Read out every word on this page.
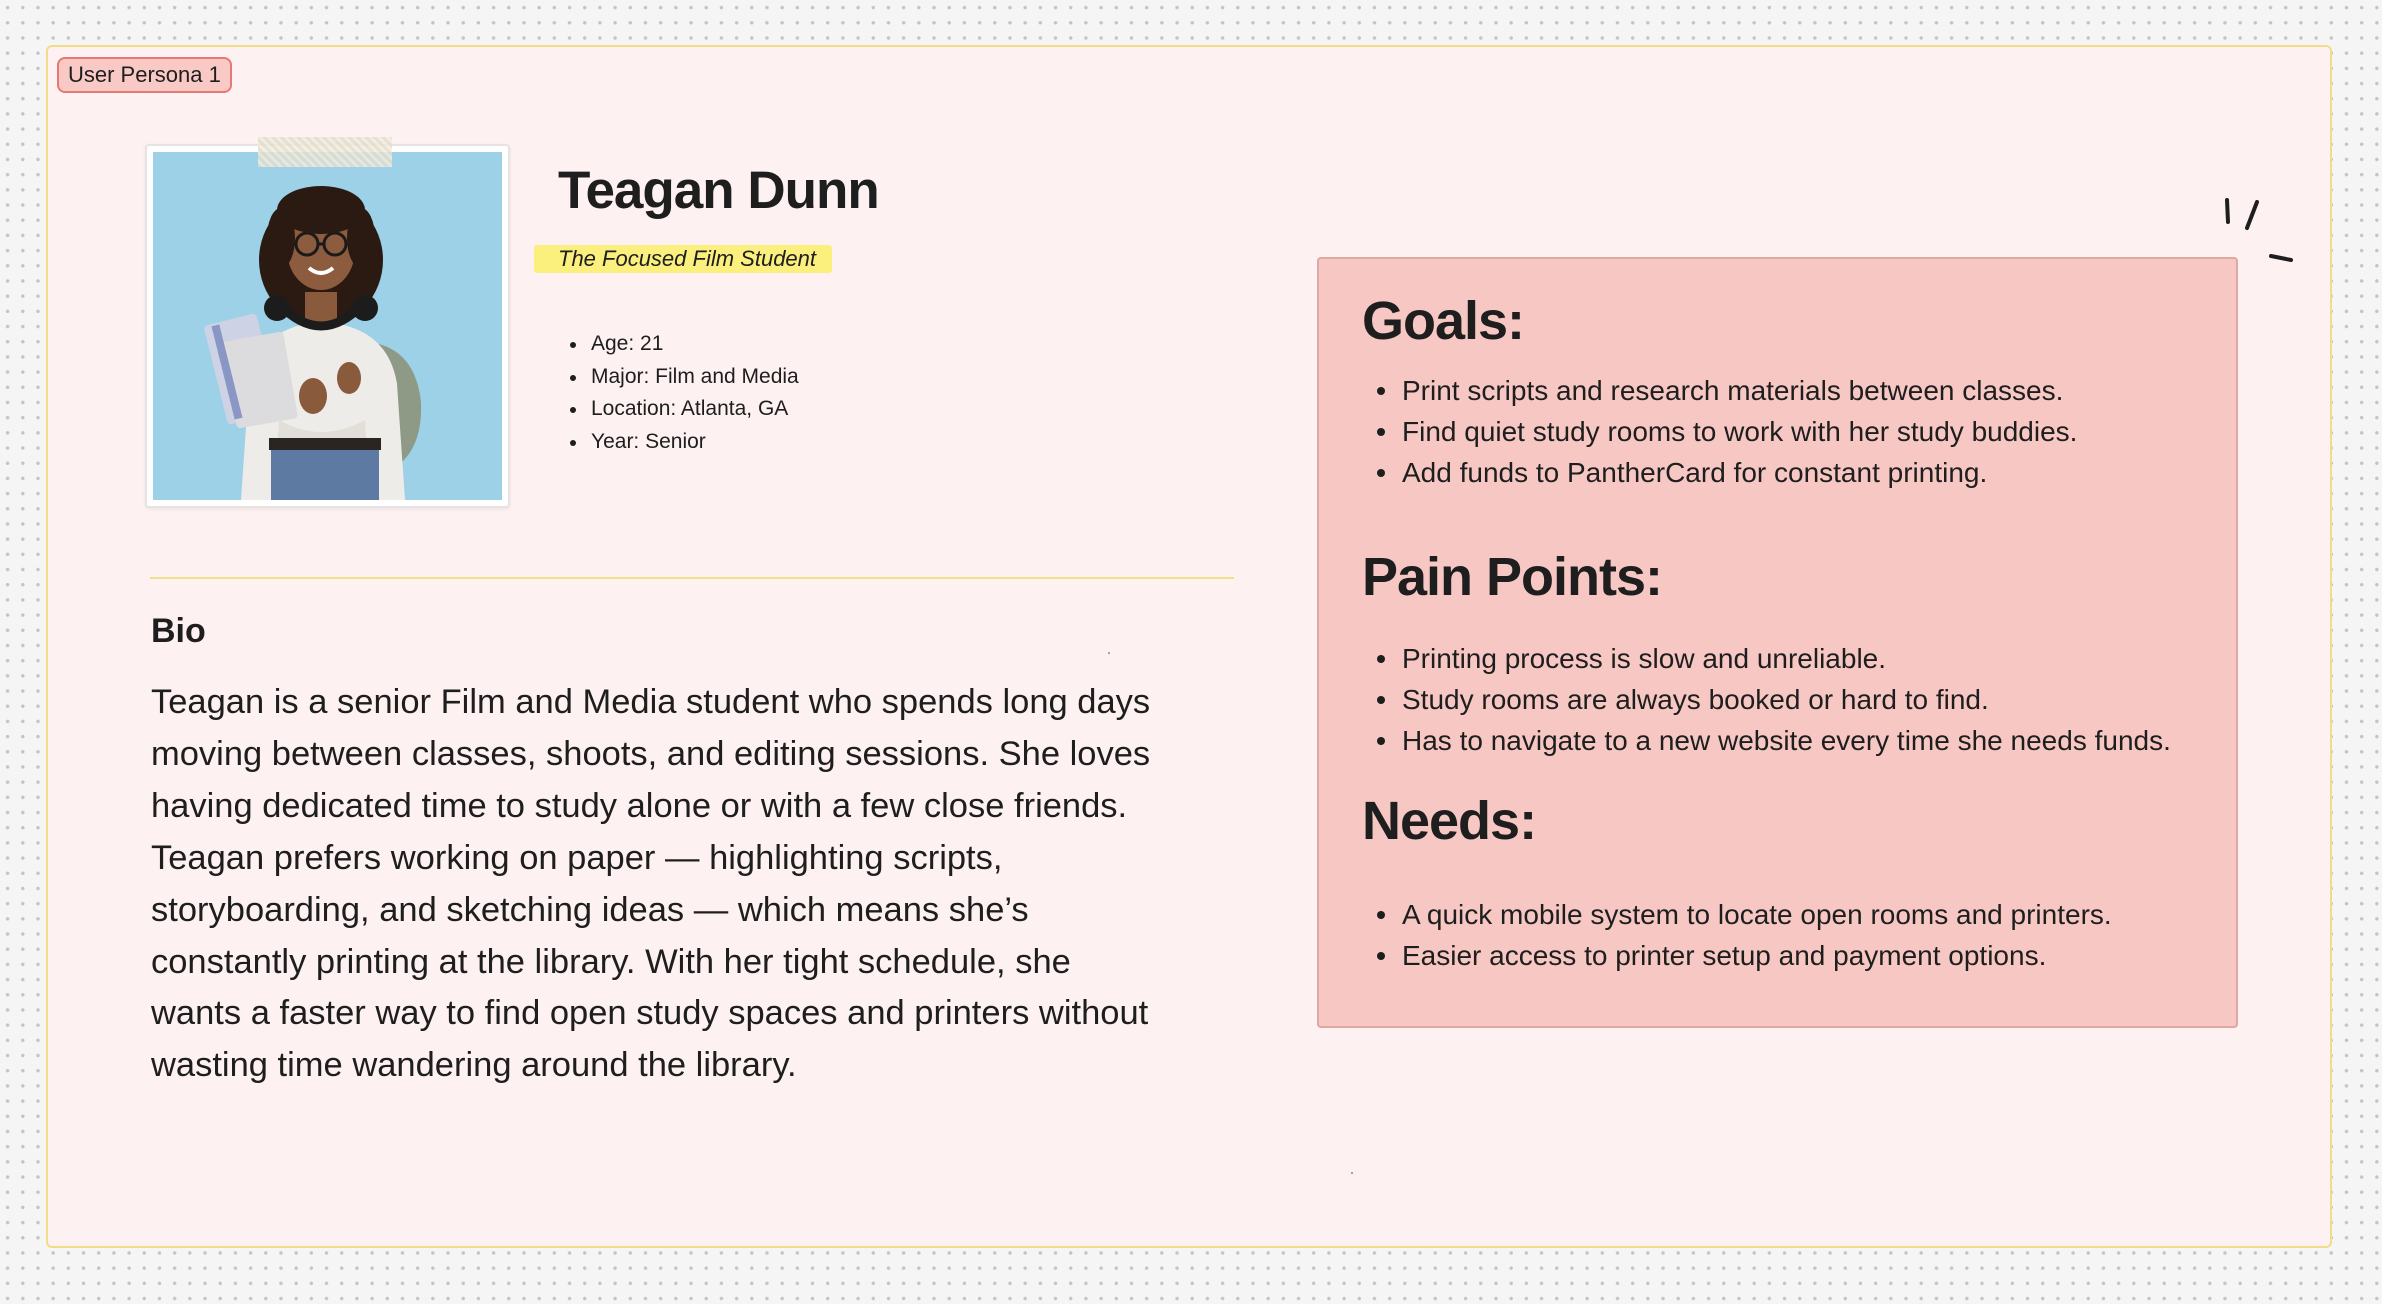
User Persona 1
Teagan Dunn
The Focused Film Student
Age: 21
Major: Film and Media
Location: Atlanta, GA
Year: Senior
Bio
Teagan is a senior Film and Media student who spends long days
moving between classes, shoots, and editing sessions. She loves
having dedicated time to study alone or with a few close friends.
Teagan prefers working on paper — highlighting scripts,
storyboarding, and sketching ideas — which means she’s
constantly printing at the library. With her tight schedule, she
wants a faster way to find open study spaces and printers without
wasting time wandering around the library.
Goals:
Print scripts and research materials between classes.
Find quiet study rooms to work with her study buddies.
Add funds to PantherCard for constant printing.
Pain Points:
Printing process is slow and unreliable.
Study rooms are always booked or hard to find.
Has to navigate to a new website every time she needs funds.
Needs:
A quick mobile system to locate open rooms and printers.
Easier access to printer setup and payment options.
